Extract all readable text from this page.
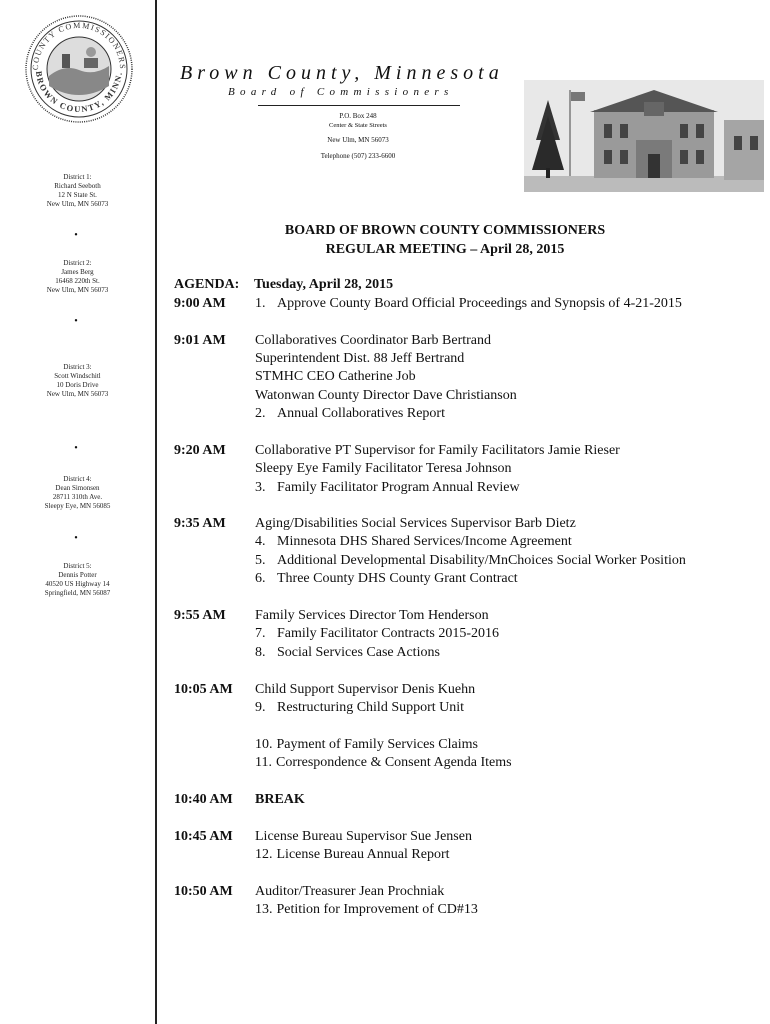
COUNTY COMMISSIONERS
BROWN COUNTY, MINN.
District 1:
Richard Seeboth
12 N State St.
New Ulm, MN 56073
•
District 2:
James Berg
16468 220th St.
New Ulm, MN 56073
•
District 3:
Scott Windschitl
10 Doris Drive
New Ulm, MN 56073
•
District 4:
Dean Simonsen
28711 310th Ave.
Sleepy Eye, MN 56085
•
District 5:
Dennis Potter
40520 US Highway 14
Springfield, MN 56087
Brown County, Minnesota
Board of Commissioners
P.O. Box 248
Center & State Streets
New Ulm, MN 56073
Telephone (507) 233-6600
BOARD OF BROWN COUNTY COMMISSIONERS
REGULAR MEETING – April 28, 2015
AGENDA: Tuesday, April 28, 2015
9:00 AM 1. Approve County Board Official Proceedings and Synopsis of 4-21-2015
9:01 AM Collaboratives Coordinator Barb Bertrand
Superintendent Dist. 88 Jeff Bertrand
STMHC CEO Catherine Job
Watonwan County Director Dave Christianson
2. Annual Collaboratives Report
9:20 AM Collaborative PT Supervisor for Family Facilitators Jamie Rieser
Sleepy Eye Family Facilitator Teresa Johnson
3. Family Facilitator Program Annual Review
9:35 AM Aging/Disabilities Social Services Supervisor Barb Dietz
4. Minnesota DHS Shared Services/Income Agreement
5. Additional Developmental Disability/MnChoices Social Worker Position
6. Three County DHS County Grant Contract
9:55 AM Family Services Director Tom Henderson
7. Family Facilitator Contracts 2015-2016
8. Social Services Case Actions
10:05 AM Child Support Supervisor Denis Kuehn
9. Restructuring Child Support Unit
10. Payment of Family Services Claims
11. Correspondence & Consent Agenda Items
10:40 AM BREAK
10:45 AM License Bureau Supervisor Sue Jensen
12. License Bureau Annual Report
10:50 AM Auditor/Treasurer Jean Prochniak
13. Petition for Improvement of CD#13
